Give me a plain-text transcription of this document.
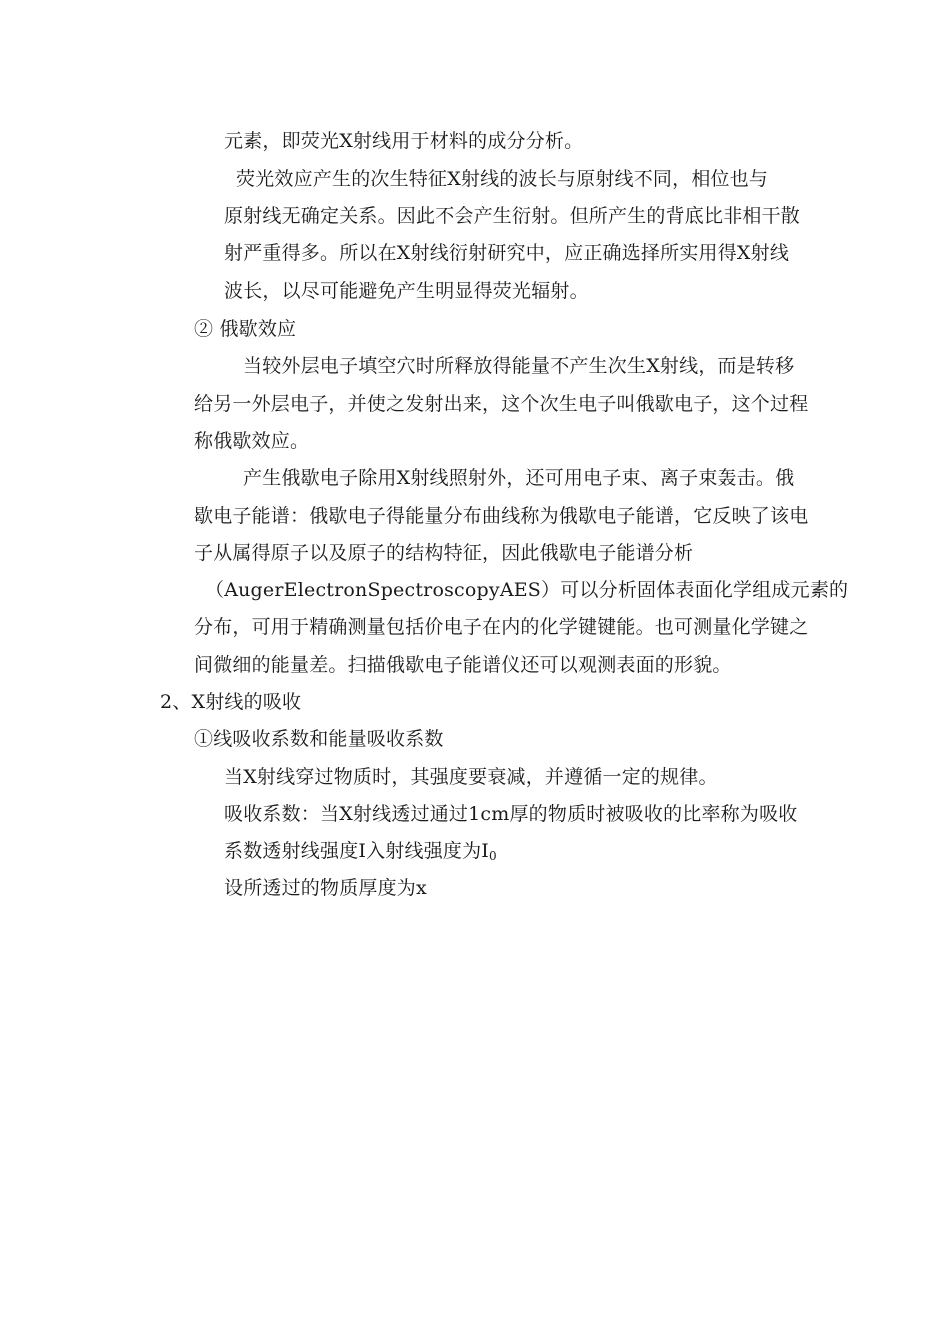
元素，即荧光Ⅹ射线用于材料的成分分析。
荧光效应产生的次生特征Ⅹ射线的波长与原射线不同，相位也与
原射线无确定关系。因此不会产生衍射。但所产生的背底比非相干散
射严重得多。所以在Ⅹ射线衍射研究中，应正确选择所实用得Ⅹ射线
波长，以尽可能避免产生明显得荧光辐射。
② 俄歇效应
当较外层电子填空穴时所释放得能量不产生次生Ⅹ射线，而是转移
给另一外层电子，并使之发射出来，这个次生电子叫俄歇电子，这个过程
称俄歇效应。
产生俄歇电子除用Ⅹ射线照射外，还可用电子束、离子束轰击。俄
歇电子能谱：俄歇电子得能量分布曲线称为俄歇电子能谱，它反映了该电
子从属得原子以及原子的结构特征，因此俄歇电子能谱分析
（AugerElectronSpectroscopyAES）可以分析固体表面化学组成元素的
分布，可用于精确测量包括价电子在内的化学键键能。也可测量化学键之
间微细的能量差。扫描俄歇电子能谱仪还可以观测表面的形貌。
2、Ⅹ射线的吸收
①线吸收系数和能量吸收系数
当Ⅹ射线穿过物质时，其强度要衰减，并遵循一定的规律。
吸收系数：当Ⅹ射线透过通过1cm厚的物质时被吸收的比率称为吸收
系数透射线强度Ⅰ入射线强度为$Ⅰ_0$
设所透过的物质厚度为x
